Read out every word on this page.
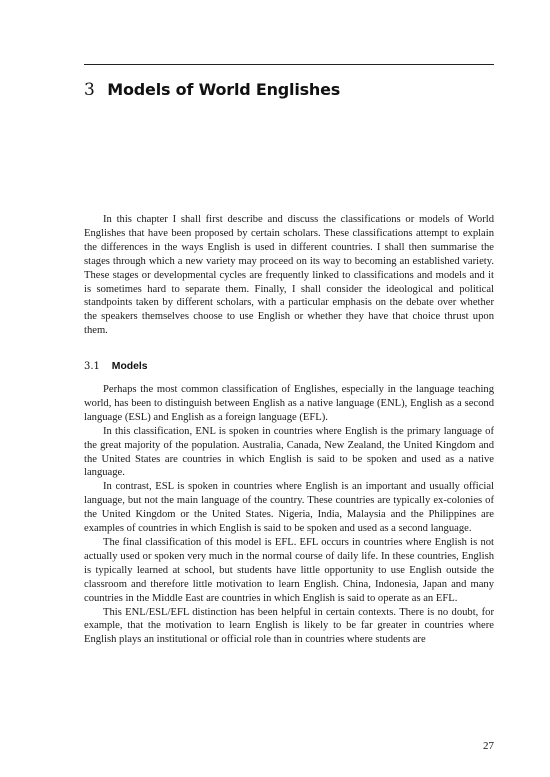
3 Models of World Englishes

In this chapter I shall first describe and discuss the classifications or models of World Englishes that have been proposed by certain scholars. These classifications attempt to explain the differences in the ways English is used in different countries. I shall then summarise the stages through which a new variety may proceed on its way to becoming an established variety. These stages or developmental cycles are frequently linked to classifications and models and it is sometimes hard to separate them. Finally, I shall consider the ideological and political standpoints taken by different scholars, with a particular emphasis on the debate over whether the speakers themselves choose to use English or whether they have that choice thrust upon them.

3.1 Models

Perhaps the most common classification of Englishes, especially in the language teaching world, has been to distinguish between English as a native language (ENL), English as a second language (ESL) and English as a foreign language (EFL).

In this classification, ENL is spoken in countries where English is the primary language of the great majority of the population. Australia, Canada, New Zealand, the United Kingdom and the United States are countries in which English is said to be spoken and used as a native language.

In contrast, ESL is spoken in countries where English is an important and usually official language, but not the main language of the country. These countries are typically ex-colonies of the United Kingdom or the United States. Nigeria, India, Malaysia and the Philippines are examples of countries in which English is said to be spoken and used as a second language.

The final classification of this model is EFL. EFL occurs in countries where English is not actually used or spoken very much in the normal course of daily life. In these countries, English is typically learned at school, but students have little opportunity to use English outside the classroom and therefore little motivation to learn English. China, Indonesia, Japan and many countries in the Middle East are countries in which English is said to operate as an EFL.

This ENL/ESL/EFL distinction has been helpful in certain contexts. There is no doubt, for example, that the motivation to learn English is likely to be far greater in countries where English plays an institutional or official role than in countries where students are

27
